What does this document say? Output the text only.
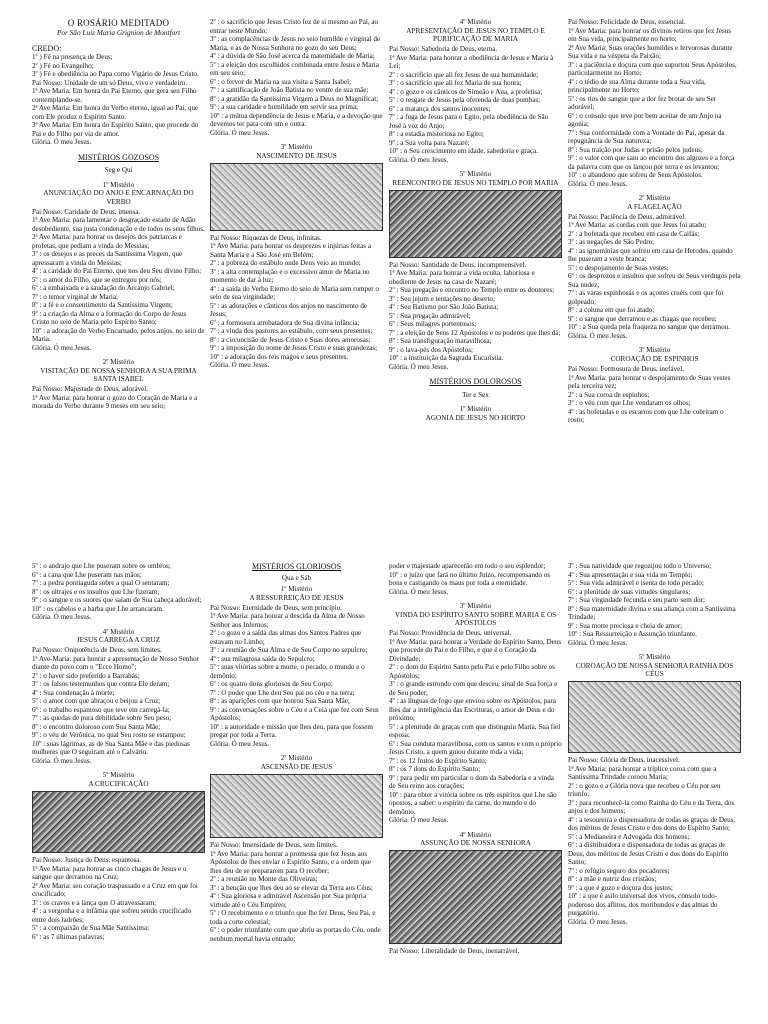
O ROSÁRIO MEDITADO
Por São Luiz Maria Grignion de Montfort
CREDO:
1º ) Fé na presença de Deus;
2º ) Fé no Evangelho;
3º ) Fé e obediência ao Papa como Vigário de Jesus Cristo.
Pai Nosso: Unidade de um só Deus, vivo e verdadeiro.
1ª Ave Maria: Em honra do Pai Eterno, que gera seu Filho contemplando-se.
2ª Ave Maria: Em honra do Verbo eterno, igual ao Pai, que com Ele produz o Espírito Santo.
3ª Ave Maria: Em honra do Espírito Santo, que procede do Pai e do Filho por via de amor.
Glória. Ó meu Jesus.
MISTÉRIOS GOZOSOS
Seg e Qui
1º Mistério
ANUNCIAÇÃO DO ANJO E ENCARNAÇÃO DO VERBO
Pai Nosso: Caridade de Deus, imensa.
1ª Ave Maria: para lamentar o desgraçado estado de Adão desobediente, sua justa condenação e de todos os seus filhos.
2ª Ave Maria: para honrar os desejos dos patriarcas e profetas, que pediam a vinda do Messias;
3º : os desejos e as preces da Santíssima Virgem, que apressaram a vinda do Messias;
4º : a caridade do Pai Eterno, que nos deu Seu divino Filho;
5º : o amor do Filho, que se entregou por nós;
6º : a embaixada e a saudação do Arcanjo Gabriel;
7º : o temor virginal de Maria;
8º : a fé e o consentimento da Santíssima Virgem;
9º : a criação da Alma e a formação do Corpo de Jesus Cristo no seio de Maria pelo Espírito Santo;
10º : a adoração do Verbo Encarnado, pelos anjos, no seio de Maria.
Glória. Ó meu Jesus.
2º Mistério
VISITAÇÃO DE NOSSA SENHORA A SUA PRIMA SANTA ISABEL
Pai Nosso: Majestade de Deus, adorável.
1ª Ave Maria: para honrar o gozo do Coração de Maria e a morada do Verbo durante 9 meses em seu seio;
2º : o sacrifício que Jesus Cristo fez de si mesmo ao Pai, ao entrar neste Mundo;
3º : as complacências de Jesus no seio humilde e virginal de Maria, e as de Nossa Senhora no gozo do seu Deus;
4º : a dúvida de São José acerca da maternidade de Maria;
5º : a eleição dos escolhidos combinada entre Jesus e Maria em seu seio;
6º : o fervor de Maria na sua visita a Santa Isabel;
7º : a santificação de João Batista no ventre de sua mãe;
8º : a gratidão da Santíssima Virgem a Deus no Magnificat;
9º : a sua caridade e humildade em servir sua prima;
10º : a mútua dependência de Jesus e Maria, e a devoção que devemos ter para com um e outra.
Glória. Ó meu Jesus.
3º Mistério
NASCIMENTO DE JESUS
Pai Nosso: Riquezas de Deus, infinitas.
1ª Ave Maria: para honrar os desprezos e injúrias feitas a Santa Maria e a São José em Belém;
2º : a pobreza do estábulo onde Deus veio ao mundo;
3º : a alta contemplação e o excessivo amor de Maria no momento de dar à luz;
4º : a saída do Verbo Eterno do seio de Maria sem romper o selo de sua virgindade;
5º : as adorações e cânticos dos anjos no nascimento de Jesus;
6º : a formosura arrebatadora de Sua divina infância;
7º : a vinda dos pastores ao estábulo, com seus presentes;
8º : a circuncisão de Jesus Cristo e Suas dores amorosas;
9º : a imposição do nome de Jesus Cristo e suas grandezas;
10º : a adoração dos reis magos e seus presentes.
Glória. Ó meu Jesus.
4º Mistério
APRESENTAÇÃO DE JESUS NO TEMPLO E PURIFICAÇÃO DE MARIA
Pai Nosso: Sabedoria de Deus, eterna.
1ª Ave Maria: para honrar a obediência de Jesus e Maria à Lei;
2º : o sacrifício que ali fez Jesus de sua humanidade;
3º : o sacrifício que ali fez Maria de sua honra;
4º : o gozo e os cânticos de Simeão e Ana, a profetisa;
5º : o resgate de Jesus pela oferenda de duas pombas;
6º : a matança dos santos inocentes;
7º : a fuga de Jesus para o Egito, pela obediência de São José à voz do Anjo;
8º : a estadia misteriosa no Egito;
9º : a Sua volta para Nazaré;
10º : o Seu crescimento em idade, sabedoria e graça.
Glória. Ó meu Jesus.
5º Mistério
REENCONTRO DE JESUS NO TEMPLO POR MARIA
Pai Nosso: Santidade de Deus, incompreensível.
1ª Ave Maria: para honrar a vida oculta, laboriosa e obediente de Jesus na casa de Nazaré;
2º : Sua pregação e encontro no Templo entre os doutores;
3º : Seu jejum e tentações no deserto;
4º : Seu Batismo por São João Batista;
5º : Sua pregação admirável;
6º : Seus milagres portentosos;
7º : a eleição de Seus 12 Apóstolos e os poderes que lhes dá;
8º : Sua transfiguração maravilhosa;
9º : o lava-pés dos Apóstolos;
10º : a instituição da Sagrada Eucaristia.
Glória. Ó meu Jesus.
MISTÉRIOS DOLOROSOS
Ter e Sex
1º Mistério
AGONIA DE JESUS NO HORTO
Pai Nosso: Felicidade de Deus, essencial.
1ª Ave Maria: para honrar os divinos retiros que fez Jesus em Sua vida, principalmente no horto;
2ª Ave Maria: Suas orações humildes e fervorosas durante Sua vida e na véspera da Paixão;
3º : a paciência e doçura com que suportou Seus Apóstolos, particularmente no Horto;
4º : o tédio de sua Alma durante toda a Sua vida, principalmente no Horto;
5º : os rios de sangue que a dor fez brotar de seu Ser adorável;
6º : o consolo que teve por bem aceitar de um Anjo na agonia;
7º : Sua conformidade com a Vontade do Pai, apesar da repugnância de Sua natureza;
8º : Sua traição por Judas e prisão pelos judeus;
9º : o valor com que saiu ao encontro dos algozes e a força da palavra com que os lançou por terra e os levantou;
10º : o abandono que sofreu de Seus Apóstolos.
Glória. Ó meu Jesus.
2º Mistério
A FLAGELAÇÃO
Pai Nosso: Paciência de Deus, admirável.
1ª Ave Maria: as cordas com que Jesus foi atado;
2º : a bofetada que recebeu em casa de Caifás;
3º : as negações de São Pedro;
4º : as ignomínias que sofreu em casa de Herodes, quando lhe puseram a veste branca;
5º : o despojamento de Suas vestes;
6º : os desprezos e insultos que sofreu de Seus verdugos pela Sua nudez;
7º : as varas espinhosas e os açoites cruéis com que foi golpeado;
8º : a coluna em que foi atado;
9º : o sangue que derramou e as chagas que recebeu;
10º : a Sua queda pela fraqueza no sangue que derramou.
Glória. Ó meu Jesus.
3º Mistério
COROAÇÃO DE ESPINHOS
Pai Nosso: Formosura de Deus, inefável.
1ª Ave Maria: para honrar o despojamento de Suas vestes pela terceira vez;
2º : a Sua coroa de espinhos;
3º : o véu com que Lhe vendaram os olhos;
4º : as bofetadas e os escarros com que Lhe cobriram o rosto;
5º : o andrajo que Lhe puseram sobre os ombros;
6º : a cana que Lhe puseram nas mãos;
7º : a pedra pontiaguda sobre a qual O sentaram;
8º : os ultrajes e os insultos que Lhe fizeram;
9º : o sangue e os suores que saíam de Sua cabeça adorável;
10º : os cabelos e a barba que Lhe arrancaram.
Glória. Ó meu Jesus.
4º Mistério
JESUS CARREGA A CRUZ
Pai Nosso: Onipotência de Deus, sem limites.
1ª Ave-Maria: para honrar a apresentação de Nosso Senhor diante do povo com o "Ecce Homo";
2º : o haver sido preferido a Barrabás;
3º : os falsos testemunhos que contra Ele deram;
4º : Sua condenação à morte;
5º : o amor com que abraçou e beijou a Cruz;
6º : o trabalho espantoso que teve em carregá-la;
7º : as quedas de pura debilidade sobre Seu peso;
8º : o encontro doloroso com Sua Santa Mãe;
9º : o véu de Verônica, no qual Seu rosto se estampou;
10º : suas lágrimas, as de Sua Santa Mãe e das piedosas mulheres que O seguiram até o Calvário.
Glória. Ó meu Jesus.
5º Mistério
A CRUCIFICAÇÃO
Pai Nosso: Justiça de Deus, espantosa.
1ª Ave Maria: para honrar as cinco chagas de Jesus e o sangue que derramou na Cruz;
2ª Ave Maria: seu coração traspassado e a Cruz em que foi crucificado;
3º : os cravos e a lança que O atravessaram;
4º : a vergonha e a infâmia que sofreu sendo crucificado entre dois ladrões;
5º : a compaixão de Sua Mãe Santíssima;
6º : as 7 últimas palavras;
MISTÉRIOS GLORIOSOS
Qua e Sáb
1º Mistério
A RESSURREIÇÃO DE JESUS
Pai Nosso: Eternidade de Deus, sem princípio.
1ª Ave Maria: para honrar a descida da Alma de Nosso Senhor aos Infernos;
2º : o gozo e a saída das almas dos Santos Padres que estavam no Limbo;
3º : a reunião de Sua Alma e de Seu Corpo no sepulcro;
4º : sua milagrosa saída do Sepulcro;
5º : suas vitórias sobre a morte, o pecado, o mundo e o demônio;
6º : os quatro dons gloriosos de Seu Corpo;
7º : O poder que Lhe deu Seu pai no céu e na terra;
8º : as aparições com que honrou Sua Santa Mãe;
9º : as conversações sobre o Céu e a Ceia que fez com Seus Apóstolos;
10º : a autoridade e missão que lhes deu, para que fossem pregar por toda a Terra.
Glória. Ó meu Jesus.
2º Mistério
ASCENSÃO DE JESUS
Pai Nosso: Imensidade de Deus, sem limites.
1ª Ave Maria: para honrar a promessa que fez Jesus aos Apóstolos de lhes enviar o Espírito Santo, e a ordem que lhes deu de se prepararem para O receber;
2º : a reunião no Monte das Oliveiras;
3º : a benção que lhes deu ao se elevar da Terra aos Céus;
4º : Sua gloriosa e admirável Ascensão por Sua própria virtude até o Céu Empíreo;
5º : O recebimento e o triunfo que lhe fez Deus, Seu Pai, e toda a corte celestial;
6º : o poder triunfante com que abriu as portas do Céu, onde nenhum mortal havia entrado;
poder e majestade aparecerão em todo o seu esplendor;
10º : o juízo que fará no último Juízo, recompensando os bons e castigando os maus por toda a eternidade.
Glória. Ó meu Jesus.
3º Mistério
VINDA DO ESPÍRITO SANTO SOBRE MARIA E OS APÓSTOLOS
Pai Nosso: Providência de Deus, universal.
1ª Ave Maria: para honrar a Verdade do Espírito Santo, Deus que procede do Pai e do Filho, e que é o Coração da Divindade;
2º : o dom do Espírito Santo pelo Pai e pelo Filho sobre os Apóstolos;
3º : o grande estrondo com que desceu, sinal de Sua força e de Seu poder;
4º : as línguas de fogo que enviou sobre os Apóstolos, para lhes dar a inteligência das Escrituras, o amor de Deus e do próximo;
5º : a plenitude de graças com que distinguiu Maria, Sua fiel esposa;
6º : Sua conduta maravilhosa, com os santos e com o próprio Jesus Cristo, a quem guiou durante toda a vida;
7º : os 12 frutos do Espírito Santo;
8º : os 7 dons do Espírito Santo;
9º : para pedir em particular o dom da Sabedoria e a vinda de Seu reino aos corações;
10º : para obter a vitória sobre os três espíritos que Lhe são opostos, a saber: o espírito da carne, do mundo e do demônio.
Glória. Ó meu Jesus.
4º Mistério
ASSUNÇÃO DE NOSSA SENHORA
Pai Nosso: Liberalidade de Deus, inenarrável.
3º : Sua natividade que regozijou todo o Universo;
4º : Sua apresentação e sua vida no Templo;
5º : Sua vida admirável e isenta de todo pecado;
6º : a plenitude de suas virtudes singulares;
7º : Sua virgindade fecunda e seu parto sem dor;
8º : Sua maternidade divina e sua aliança com a Santíssima Trindade;
9º : Sua morte preciosa e cheia de amor;
10º : Sua Ressurreição e Assunção triunfante.
Glória. Ó meu Jesus.
5º Mistério
COROAÇÃO DE NOSSA SENHORA RAINHA DOS CÉUS
Pai Nosso: Glória de Deus, inacessível.
1ª Ave Maria: para honrar a tríplice coroa com que a Santíssima Trindade coroou Maria;
2º : o gozo e a Glória nova que recebeu o Céu por seu triunfo;
3º : para reconhecê-la como Rainha do Céu e da Terra, dos anjos e dos homens;
4º : a tesoureira e dispensadora de todas as graças de Deus, dos méritos de Jesus Cristo e dos dons do Espírito Santo;
5º : a Medianeira e Advogada dos homens;
6º : a distribuidora e dispensadora de todas as graças de Deus, dos méritos de Jesus Cristo e dos dons do Espírito Santo;
7º : o refúgio seguro dos pecadores;
8º : a mãe e nutriz dos cristãos;
9º : a que é gozo e doçura dos justos;
10º : a que é asilo universal dos vivos, consolo todo-poderoso dos aflitos, dos moribundos e das almas do purgatório.
Glória. Ó meu Jesus.
